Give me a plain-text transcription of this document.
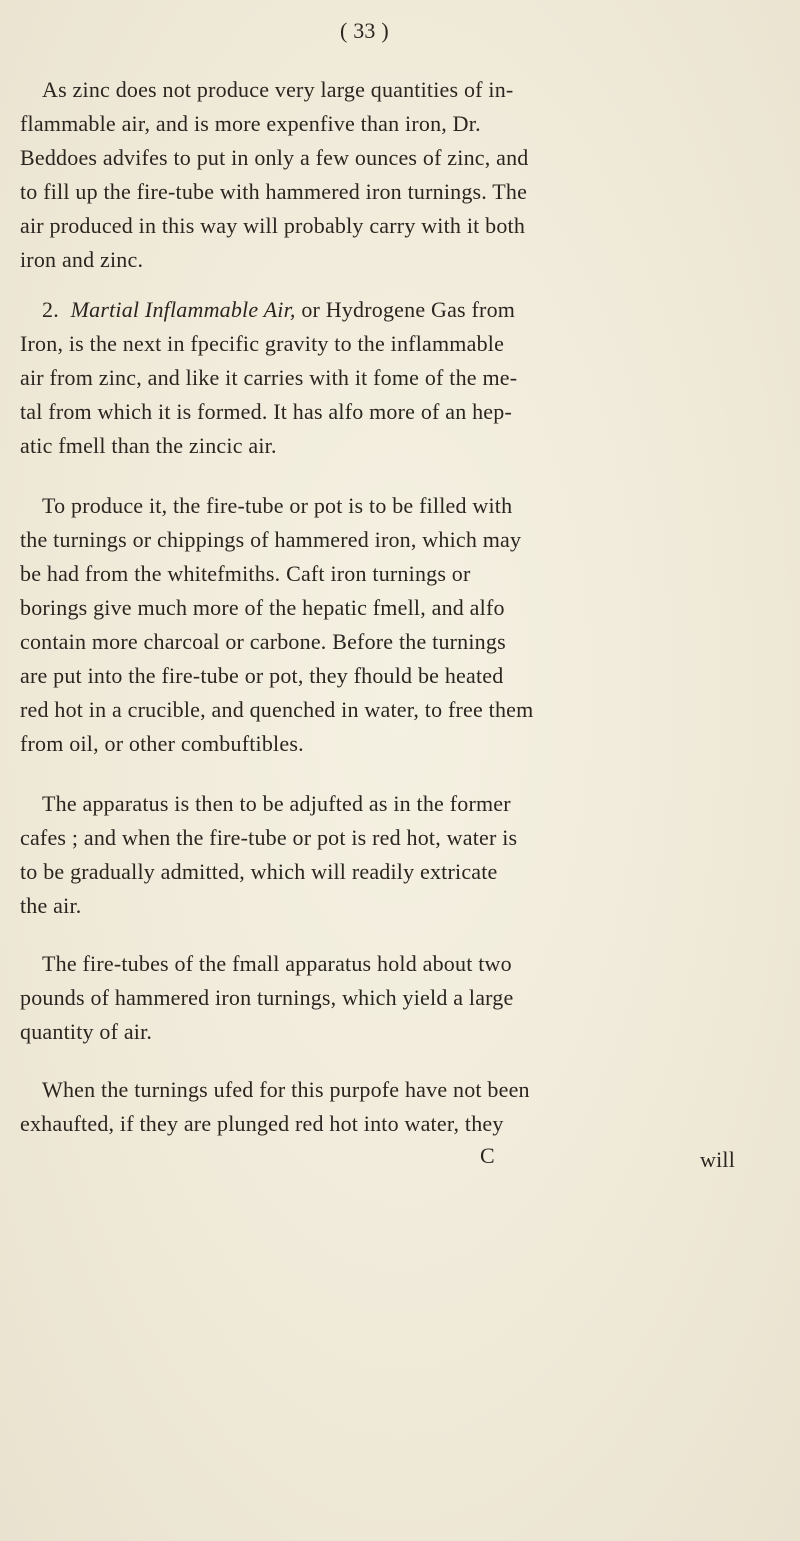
( 33 )
As zinc does not produce very large quantities of in-
flammable air, and is more expenfive than iron, Dr.
Beddoes advifes to put in only a few ounces of zinc, and
to fill up the fire-tube with hammered iron turnings. The
air produced in this way will probably carry with it both
iron and zinc.
2. Martial Inflammable Air, or Hydrogene Gas from
Iron, is the next in fpecific gravity to the inflammable
air from zinc, and like it carries with it fome of the me-
tal from which it is formed. It has alfo more of an hep-
atic fmell than the zincic air.
To produce it, the fire-tube or pot is to be filled with
the turnings or chippings of hammered iron, which may
be had from the whitefmiths. Caft iron turnings or
borings give much more of the hepatic fmell, and alfo
contain more charcoal or carbone. Before the turnings
are put into the fire-tube or pot, they fhould be heated
red hot in a crucible, and quenched in water, to free them
from oil, or other combuftibles.
The apparatus is then to be adjufted as in the former
cafes ; and when the fire-tube or pot is red hot, water is
to be gradually admitted, which will readily extricate
the air.
The fire-tubes of the fmall apparatus hold about two
pounds of hammered iron turnings, which yield a large
quantity of air.
When the turnings ufed for this purpofe have not been
exhaufted, if they are plunged red hot into water, they
C	will
